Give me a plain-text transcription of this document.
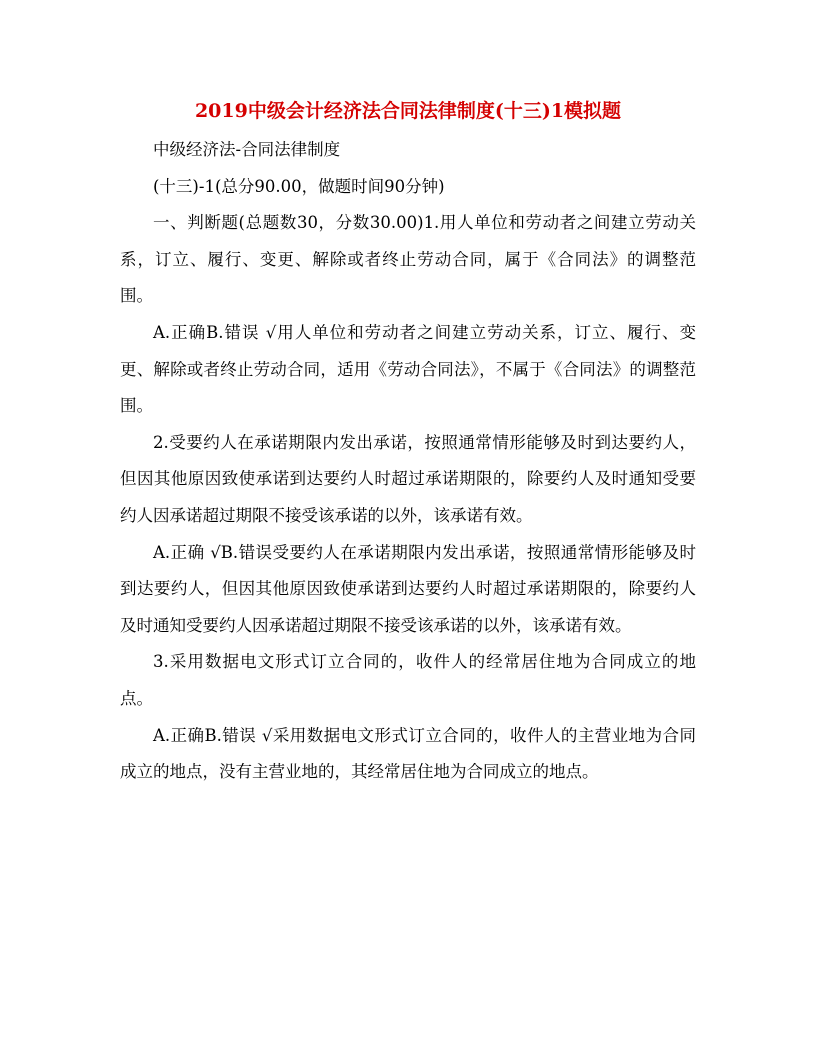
2019中级会计经济法合同法律制度(十三)1模拟题

中级经济法-合同法律制度

(十三)-1(总分90.00，做题时间90分钟)

一、判断题(总题数30，分数30.00)1.用人单位和劳动者之间建立劳动关系，订立、履行、变更、解除或者终止劳动合同，属于《合同法》的调整范围。

A.正确B.错误 √用人单位和劳动者之间建立劳动关系，订立、履行、变更、解除或者终止劳动合同，适用《劳动合同法》，不属于《合同法》的调整范围。

2.受要约人在承诺期限内发出承诺，按照通常情形能够及时到达要约人，但因其他原因致使承诺到达要约人时超过承诺期限的，除要约人及时通知受要约人因承诺超过期限不接受该承诺的以外，该承诺有效。

A.正确 √B.错误受要约人在承诺期限内发出承诺，按照通常情形能够及时到达要约人，但因其他原因致使承诺到达要约人时超过承诺期限的，除要约人及时通知受要约人因承诺超过期限不接受该承诺的以外，该承诺有效。

3.采用数据电文形式订立合同的，收件人的经常居住地为合同成立的地点。

A.正确B.错误 √采用数据电文形式订立合同的，收件人的主营业地为合同成立的地点，没有主营业地的，其经常居住地为合同成立的地点。
